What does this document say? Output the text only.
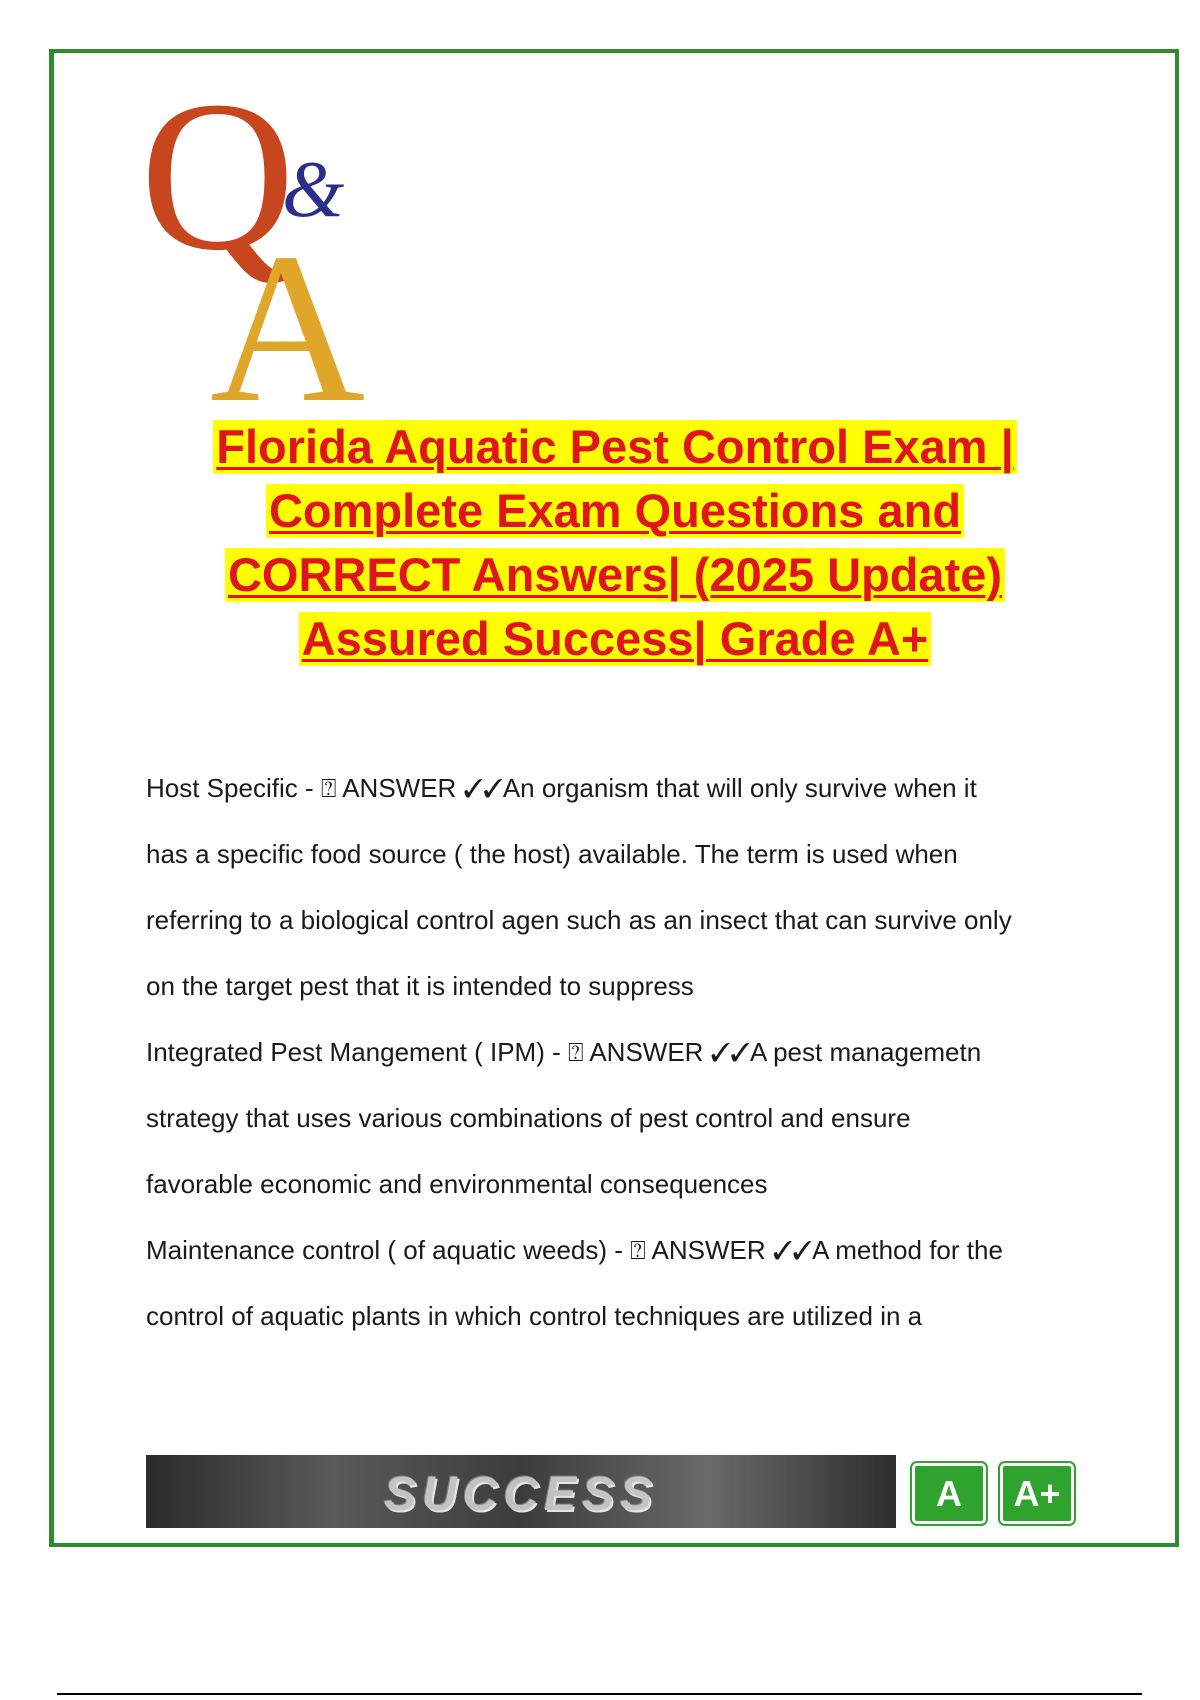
Q
&
A
Florida Aquatic Pest Control Exam |
Complete Exam Questions and
CORRECT Answers| (2025 Update)
Assured Success| Grade A+
Host Specific - ⍰ ANSWER ✓✓An organism that will only survive when it
has a specific food source ( the host) available. The term is used when
referring to a biological control agen such as an insect that can survive only
on the target pest that it is intended to suppress
Integrated Pest Mangement ( IPM) - ⍰ ANSWER ✓✓A pest managemetn
strategy that uses various combinations of pest control and ensure
favorable economic and environmental consequences
Maintenance control ( of aquatic weeds) - ⍰ ANSWER ✓✓A method for the
control of aquatic plants in which control techniques are utilized in a
SUCCESS	A	A+
